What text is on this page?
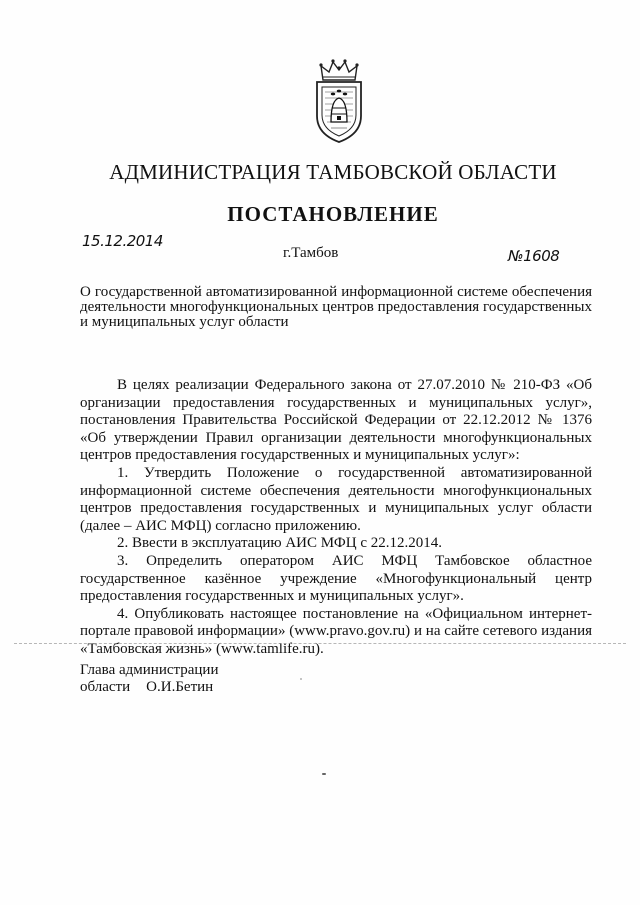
АДМИНИСТРАЦИЯ ТАМБОВСКОЙ ОБЛАСТИ
ПОСТАНОВЛЕНИЕ
15.12.2014
г.Тамбов	№1608
О государственной автоматизированной информационной системе обеспечения деятельности многофункциональных центров предоставления государственных и муниципальных услуг области

В целях реализации Федерального закона от 27.07.2010 № 210-ФЗ «Об организации предоставления государственных и муниципальных услуг», постановления Правительства Российской Федерации от 22.12.2012 № 1376 «Об утверждении Правил организации деятельности многофункциональных центров предоставления государственных и муниципальных услуг»:

1. Утвердить Положение о государственной автоматизированной информационной системе обеспечения деятельности многофункциональных центров предоставления государственных и муниципальных услуг области (далее – АИС МФЦ) согласно приложению.

2. Ввести в эксплуатацию АИС МФЦ с 22.12.2014.

3. Определить оператором АИС МФЦ Тамбовское областное государственное казённое учреждение «Многофункциональный центр предоставления государственных и муниципальных услуг».

4. Опубликовать настоящее постановление на «Официальном интернет-портале правовой информации» (www.pravo.gov.ru) и на сайте сетевого издания «Тамбовская жизнь» (www.tamlife.ru).

Глава администрации
области О.И.Бетин
